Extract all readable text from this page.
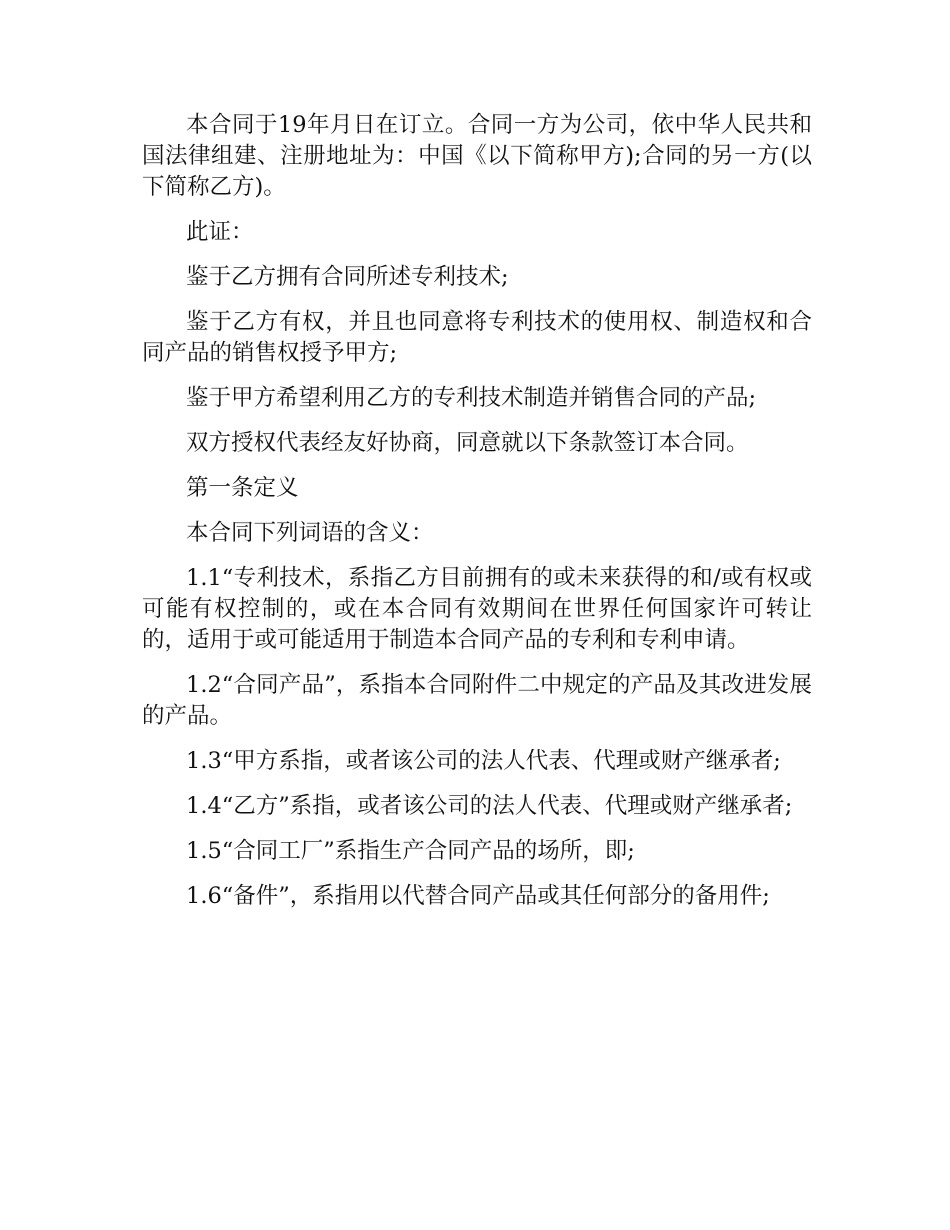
本合同于19年月日在订立。合同一方为公司，依中华人民共和国法律组建、注册地址为：中国《以下简称甲方);合同的另一方(以下简称乙方)。

此证：

鉴于乙方拥有合同所述专利技术;

鉴于乙方有权，并且也同意将专利技术的使用权、制造权和合同产品的销售权授予甲方;

鉴于甲方希望利用乙方的专利技术制造并销售合同的产品;

双方授权代表经友好协商，同意就以下条款签订本合同。

第一条定义

本合同下列词语的含义：

1.1“专利技术，系指乙方目前拥有的或未来获得的和/或有权或可能有权控制的，或在本合同有效期间在世界任何国家许可转让的，适用于或可能适用于制造本合同产品的专利和专利申请。

1.2“合同产品”，系指本合同附件二中规定的产品及其改进发展的产品。

1.3“甲方系指，或者该公司的法人代表、代理或财产继承者;

1.4“乙方”系指，或者该公司的法人代表、代理或财产继承者;

1.5“合同工厂”系指生产合同产品的场所，即;

1.6“备件”，系指用以代替合同产品或其任何部分的备用件;
